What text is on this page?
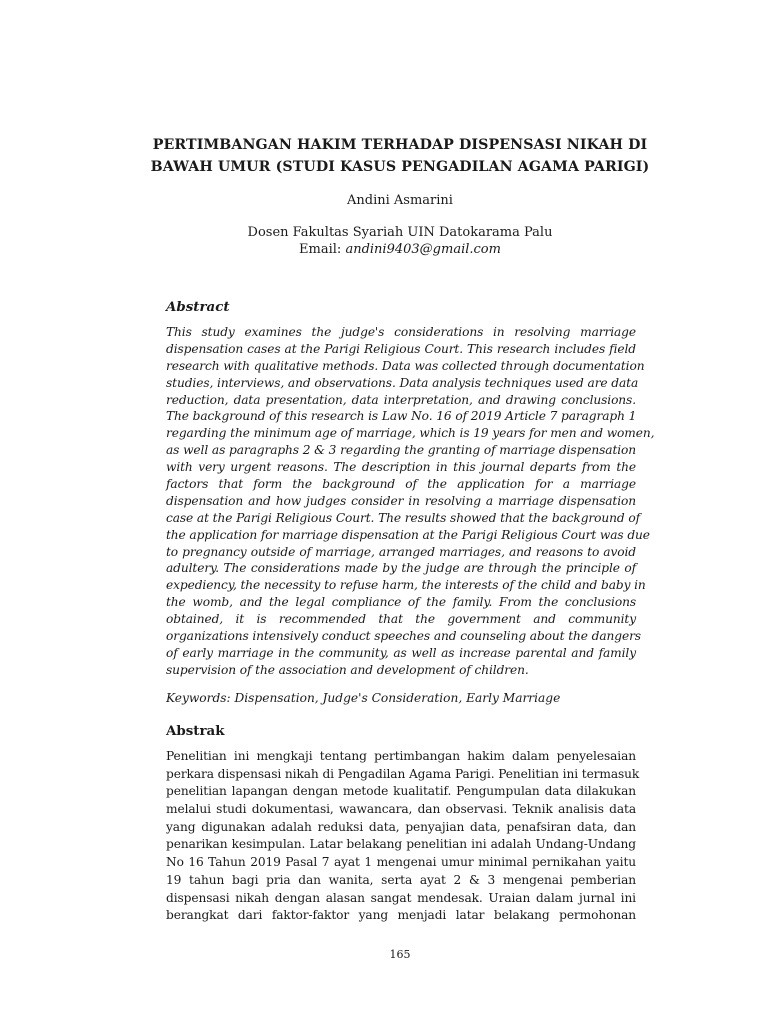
PERTIMBANGAN HAKIM TERHADAP DISPENSASI NIKAH DI
BAWAH UMUR (STUDI KASUS PENGADILAN AGAMA PARIGI)
Andini Asmarini
Dosen Fakultas Syariah UIN Datokarama Palu
Email: andini9403@gmail.com
Abstract
This study examines the judge's considerations in resolving marriage
dispensation cases at the Parigi Religious Court. This research includes field
research with qualitative methods. Data was collected through documentation
studies, interviews, and observations. Data analysis techniques used are data
reduction, data presentation, data interpretation, and drawing conclusions.
The background of this research is Law No. 16 of 2019 Article 7 paragraph 1
regarding the minimum age of marriage, which is 19 years for men and women,
as well as paragraphs 2 & 3 regarding the granting of marriage dispensation
with very urgent reasons. The description in this journal departs from the
factors that form the background of the application for a marriage
dispensation and how judges consider in resolving a marriage dispensation
case at the Parigi Religious Court. The results showed that the background of
the application for marriage dispensation at the Parigi Religious Court was due
to pregnancy outside of marriage, arranged marriages, and reasons to avoid
adultery. The considerations made by the judge are through the principle of
expediency, the necessity to refuse harm, the interests of the child and baby in
the womb, and the legal compliance of the family. From the conclusions
obtained, it is recommended that the government and community
organizations intensively conduct speeches and counseling about the dangers
of early marriage in the community, as well as increase parental and family
supervision of the association and development of children.
Keywords: Dispensation, Judge's Consideration, Early Marriage
Abstrak
Penelitian ini mengkaji tentang pertimbangan hakim dalam penyelesaian
perkara dispensasi nikah di Pengadilan Agama Parigi. Penelitian ini termasuk
penelitian lapangan dengan metode kualitatif. Pengumpulan data dilakukan
melalui studi dokumentasi, wawancara, dan observasi. Teknik analisis data
yang digunakan adalah reduksi data, penyajian data, penafsiran data, dan
penarikan kesimpulan. Latar belakang penelitian ini adalah Undang-Undang
No 16 Tahun 2019 Pasal 7 ayat 1 mengenai umur minimal pernikahan yaitu
19 tahun bagi pria dan wanita, serta ayat 2 & 3 mengenai pemberian
dispensasi nikah dengan alasan sangat mendesak. Uraian dalam jurnal ini
berangkat dari faktor-faktor yang menjadi latar belakang permohonan
165
